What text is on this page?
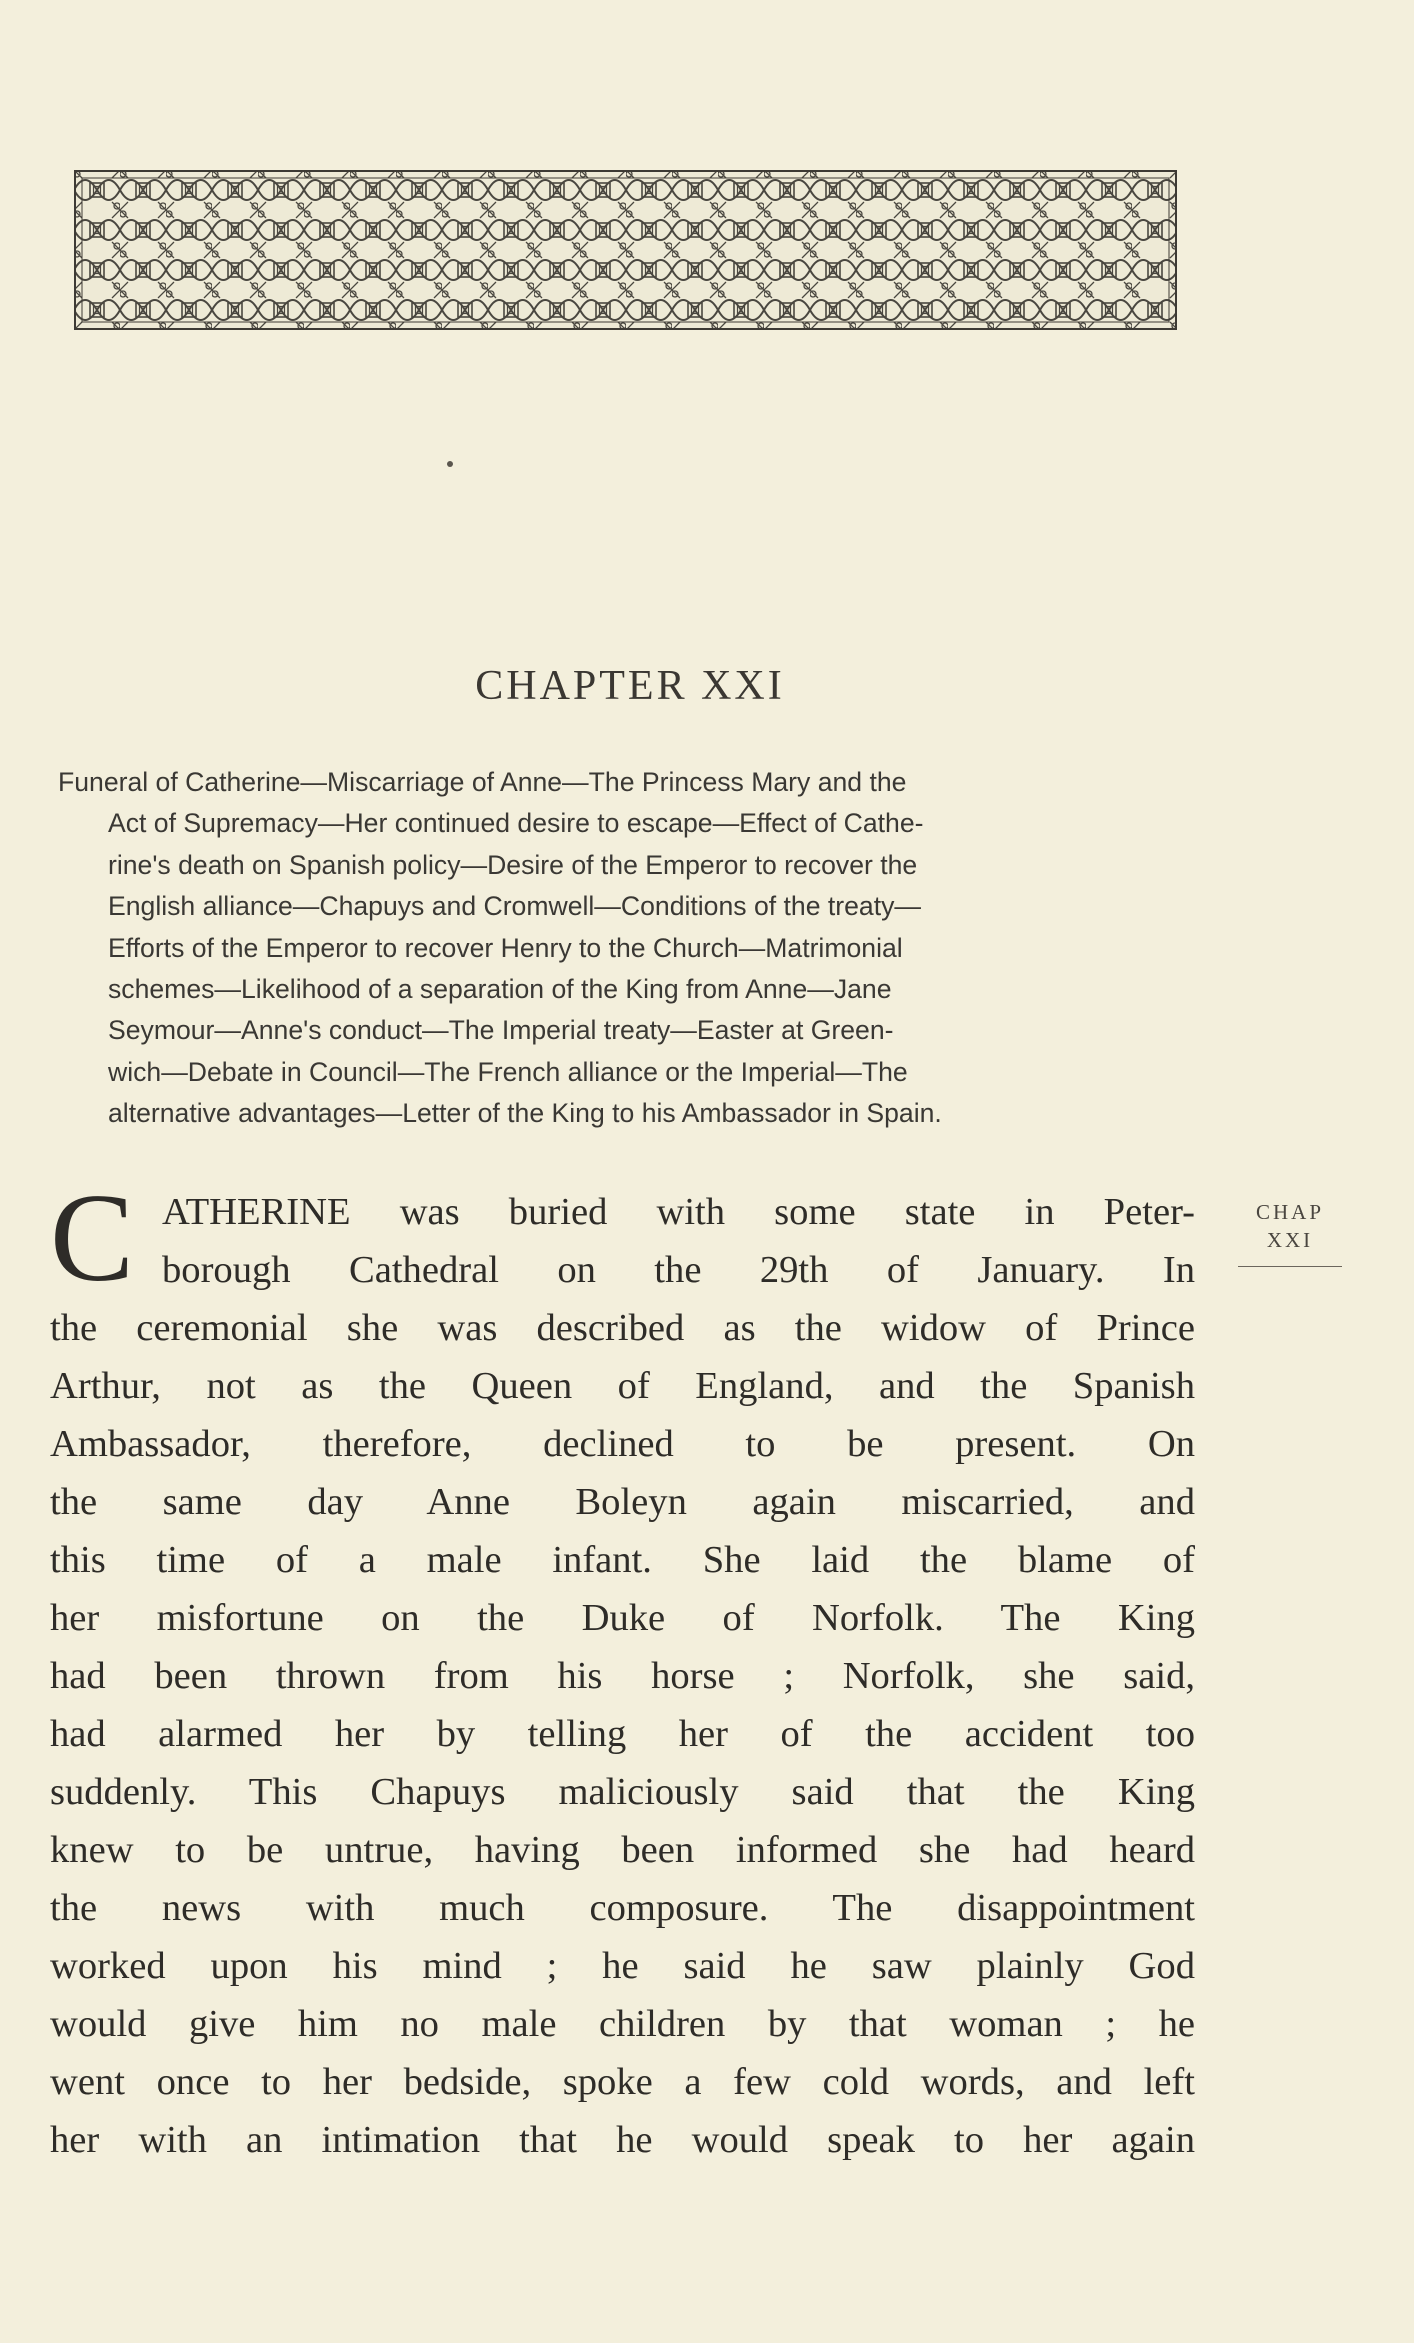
CHAPTER XXI
Funeral of Catherine—Miscarriage of Anne—The Princess Mary and the
Act of Supremacy—Her continued desire to escape—Effect of Cathe-
rine's death on Spanish policy—Desire of the Emperor to recover the
English alliance—Chapuys and Cromwell—Conditions of the treaty—
Efforts of the Emperor to recover Henry to the Church—Matrimonial
schemes—Likelihood of a separation of the King from Anne—Jane
Seymour—Anne's conduct—The Imperial treaty—Easter at Green-
wich—Debate in Council—The French alliance or the Imperial—The
alternative advantages—Letter of the King to his Ambassador in Spain.
CHAP
XXI
C ATHERINE was buried with some state in Peter-
borough Cathedral on the 29th of January. In
the ceremonial she was described as the widow of Prince
Arthur, not as the Queen of England, and the Spanish
Ambassador, therefore, declined to be present. On
the same day Anne Boleyn again miscarried, and
this time of a male infant. She laid the blame of
her misfortune on the Duke of Norfolk. The King
had been thrown from his horse ; Norfolk, she said,
had alarmed her by telling her of the accident too
suddenly. This Chapuys maliciously said that the King
knew to be untrue, having been informed she had heard
the news with much composure. The disappointment
worked upon his mind ; he said he saw plainly God
would give him no male children by that woman ; he
went once to her bedside, spoke a few cold words, and left
her with an intimation that he would speak to her again
